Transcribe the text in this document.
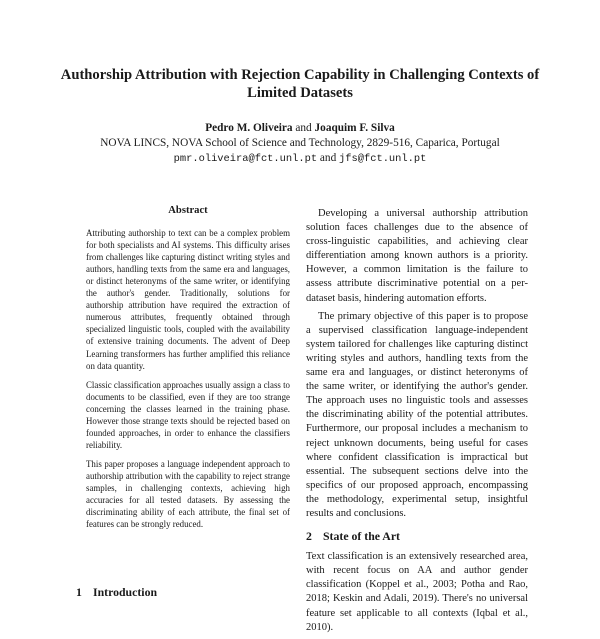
Authorship Attribution with Rejection Capability in Challenging Contexts of Limited Datasets
Pedro M. Oliveira and Joaquim F. Silva
NOVA LINCS, NOVA School of Science and Technology, 2829-516, Caparica, Portugal
pmr.oliveira@fct.unl.pt and jfs@fct.unl.pt
Abstract

Attributing authorship to text can be a complex problem for both specialists and AI systems. This difficulty arises from challenges like capturing distinct writing styles and authors, handling texts from the same era and languages, or distinct heteronyms of the same writer, or identifying the author's gender. Traditionally, solutions for authorship attribution have required the extraction of numerous attributes, frequently obtained through specialized linguistic tools, coupled with the availability of extensive training documents. The advent of Deep Learning transformers has further amplified this reliance on data quantity.

Classic classification approaches usually assign a class to documents to be classified, even if they are too strange concerning the classes learned in the training phase. However those strange texts should be rejected based on founded approaches, in order to enhance the classifiers reliability.

This paper proposes a language independent approach to authorship attribution with the capability to reject strange samples, in challenging contexts, achieving high accuracies for all tested datasets. By assessing the discriminating ability of each attribute, the final set of features can be strongly reduced.

1 Introduction

Developing a universal authorship attribution solution faces challenges due to the absence of cross-linguistic capabilities, and achieving clear differentiation among known authors is a priority. However, a common limitation is the failure to assess attribute discriminative potential on a per-dataset basis, hindering automation efforts.

The primary objective of this paper is to propose a supervised classification language-independent system tailored for challenges like capturing distinct writing styles and authors, handling texts from the same era and languages, or distinct heteronyms of the same writer, or identifying the author's gender. The approach uses no linguistic tools and assesses the discriminating ability of the potential attributes. Furthermore, our proposal includes a mechanism to reject unknown documents, being useful for cases where confident classification is impractical but essential. The subsequent sections delve into the specifics of our proposed approach, encompassing the methodology, experimental setup, insightful results and conclusions.

2 State of the Art

Text classification is an extensively researched area, with recent focus on AA and author gender classification (Koppel et al., 2003; Potha and Rao, 2018; Keskin and Adali, 2019). There's no universal feature set applicable to all contexts (Iqbal et al., 2010).
